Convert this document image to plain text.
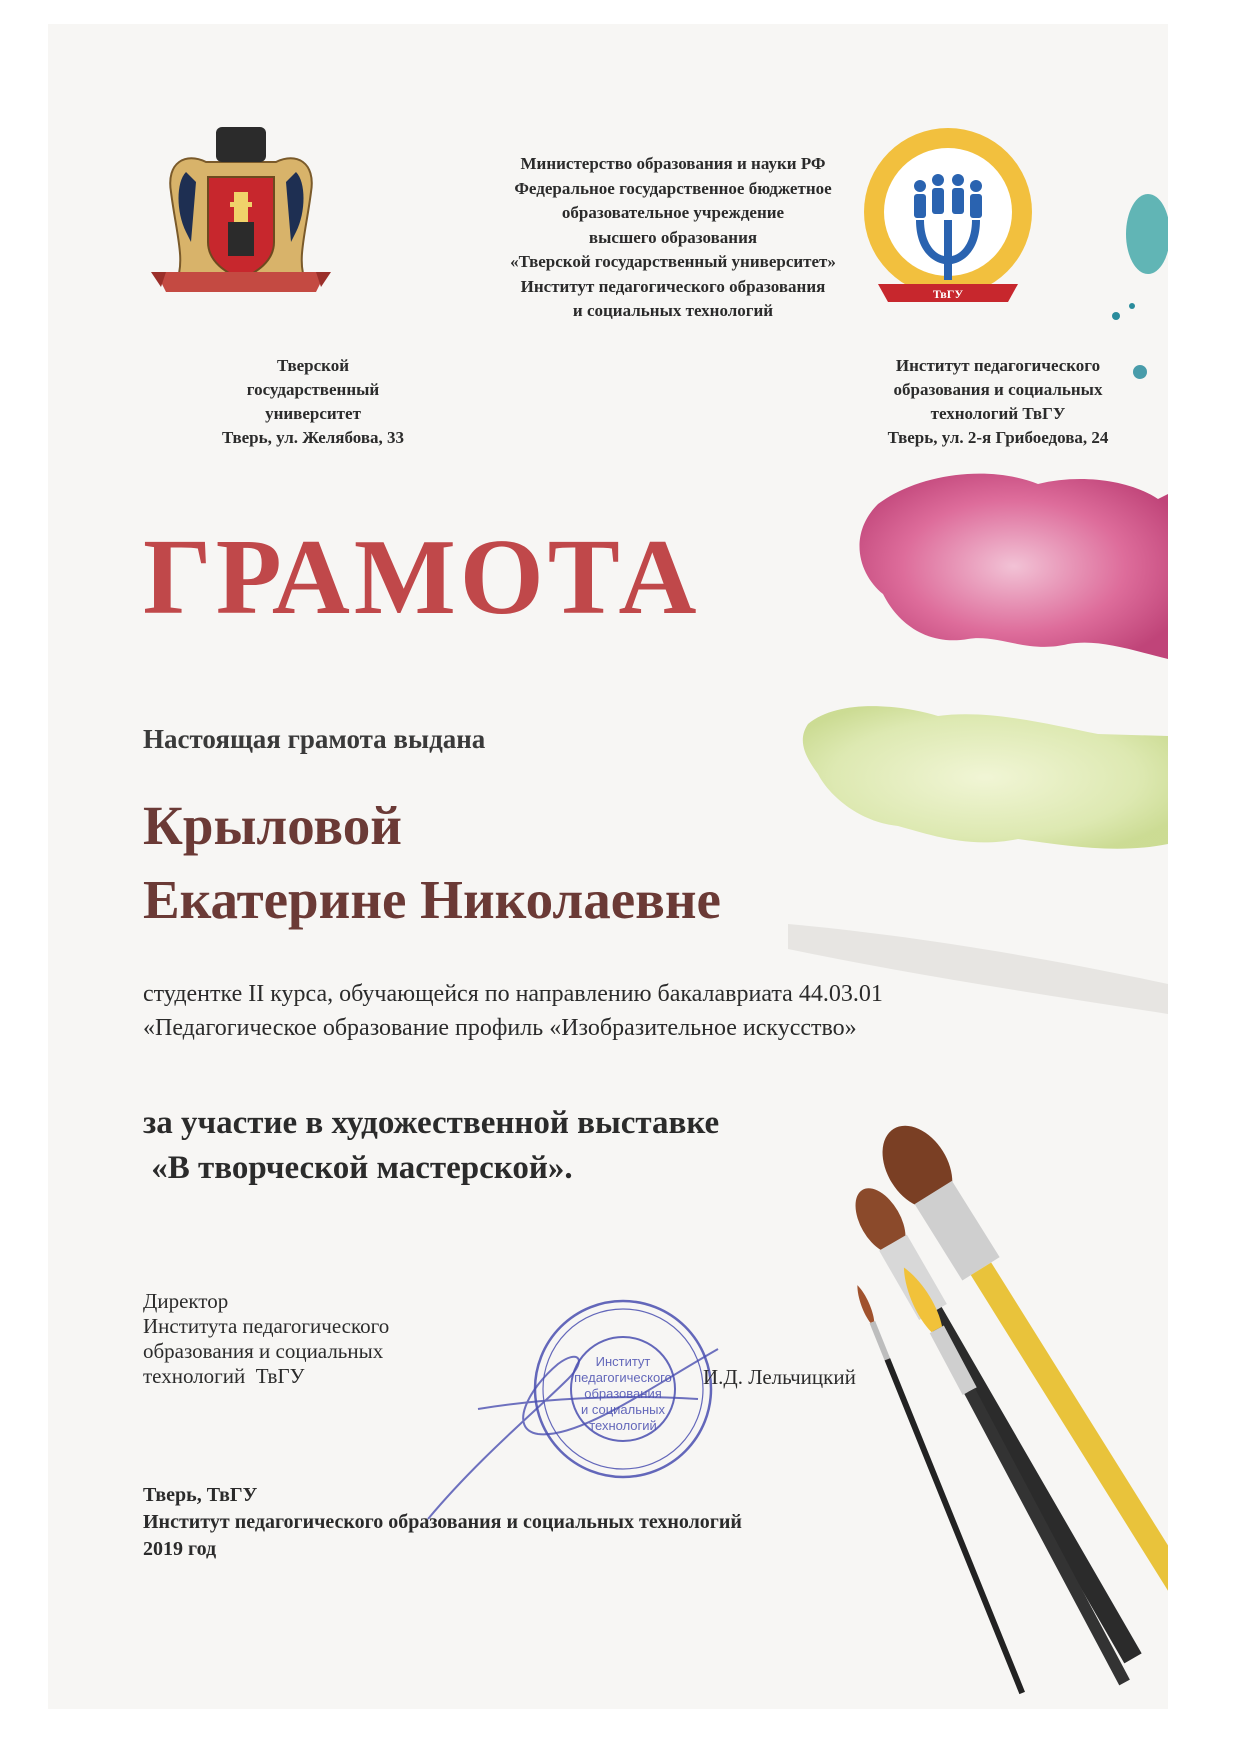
ТвГУ
Министерство образования и науки РФ
Федеральное государственное бюджетное
образовательное учреждение
высшего образования
«Тверской государственный университет»
Институт педагогического образования
и социальных технологий
Тверской
государственный
университет
Тверь, ул. Желябова, 33
Институт педагогического
образования и социальных
технологий ТвГУ
Тверь, ул. 2-я Грибоедова, 24
ГРАМОТА
Настоящая грамота выдана
Крыловой
Екатерине Николаевне
студентке II курса, обучающейся по направлению бакалавриата 44.03.01
«Педагогическое образование профиль «Изобразительное искусство»
за участие в художественной выставке
«В творческой мастерской».
Директор
Института педагогического
образования и социальных
технологий  ТвГУ
Институт
педагогического
образования
и социальных
технологий
И.Д. Лельчицкий
Тверь, ТвГУ
Институт педагогического образования и социальных технологий
2019 год
